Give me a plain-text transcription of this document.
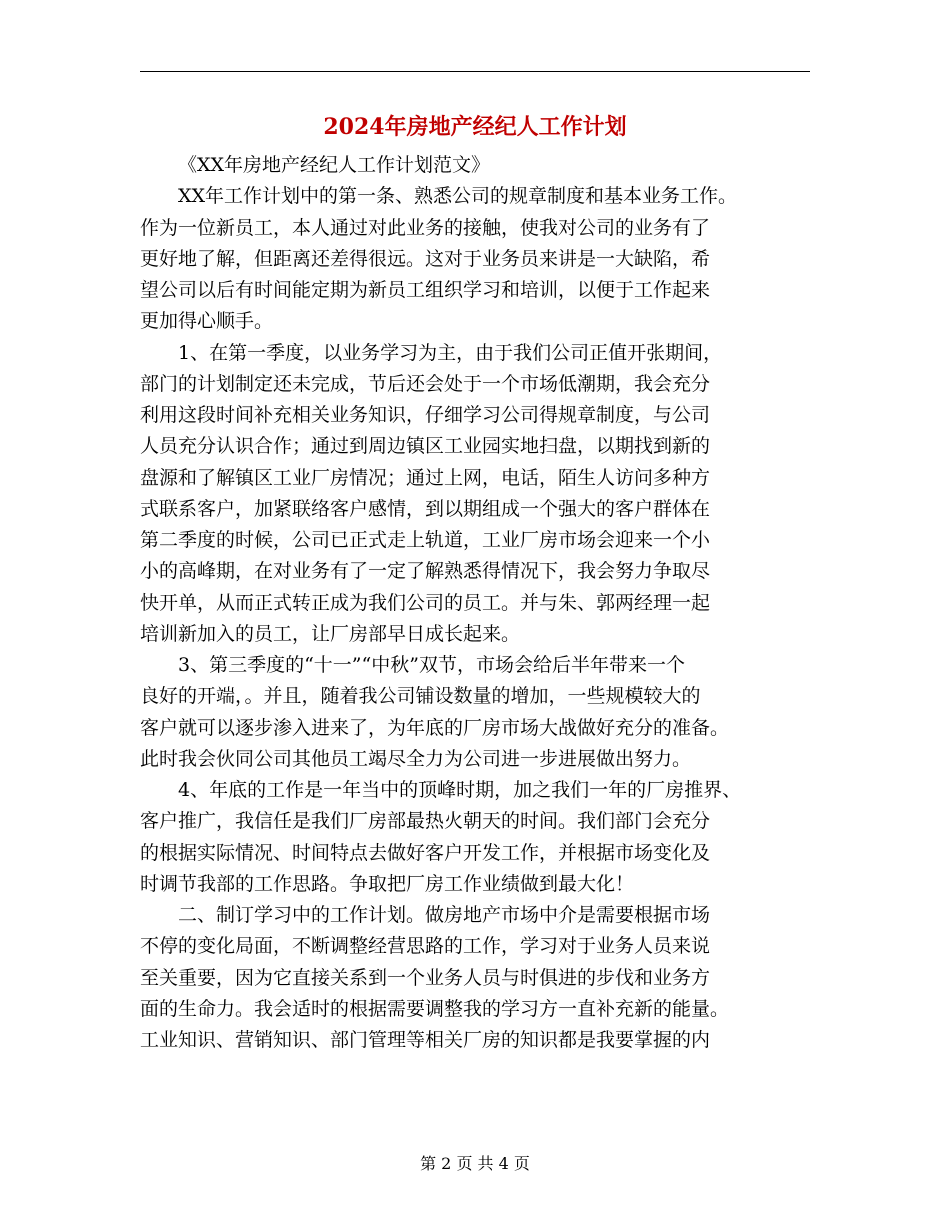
2024年房地产经纪人工作计划
《XX年房地产经纪人工作计划范文》
XX年工作计划中的第一条、熟悉公司的规章制度和基本业务工作。
作为一位新员工，本人通过对此业务的接触，使我对公司的业务有了
更好地了解，但距离还差得很远。这对于业务员来讲是一大缺陷，希
望公司以后有时间能定期为新员工组织学习和培训，以便于工作起来
更加得心顺手。
1、在第一季度，以业务学习为主，由于我们公司正值开张期间，
部门的计划制定还未完成，节后还会处于一个市场低潮期，我会充分
利用这段时间补充相关业务知识，仔细学习公司得规章制度，与公司
人员充分认识合作；通过到周边镇区工业园实地扫盘，以期找到新的
盘源和了解镇区工业厂房情况；通过上网，电话，陌生人访问多种方
式联系客户，加紧联络客户感情，到以期组成一个强大的客户群体在
第二季度的时候，公司已正式走上轨道，工业厂房市场会迎来一个小
小的高峰期，在对业务有了一定了解熟悉得情况下，我会努力争取尽
快开单，从而正式转正成为我们公司的员工。并与朱、郭两经理一起
培训新加入的员工，让厂房部早日成长起来。
3、第三季度的“十一”“中秋”双节，市场会给后半年带来一个
良好的开端，。并且，随着我公司铺设数量的增加，一些规模较大的
客户就可以逐步渗入进来了，为年底的厂房市场大战做好充分的准备。
此时我会伙同公司其他员工竭尽全力为公司进一步进展做出努力。
4、年底的工作是一年当中的顶峰时期，加之我们一年的厂房推界、
客户推广，我信任是我们厂房部最热火朝天的时间。我们部门会充分
的根据实际情况、时间特点去做好客户开发工作，并根据市场变化及
时调节我部的工作思路。争取把厂房工作业绩做到最大化！
二、制订学习中的工作计划。做房地产市场中介是需要根据市场
不停的变化局面，不断调整经营思路的工作，学习对于业务人员来说
至关重要，因为它直接关系到一个业务人员与时俱进的步伐和业务方
面的生命力。我会适时的根据需要调整我的学习方一直补充新的能量。
工业知识、营销知识、部门管理等相关厂房的知识都是我要掌握的内
第 2 页 共 4 页
